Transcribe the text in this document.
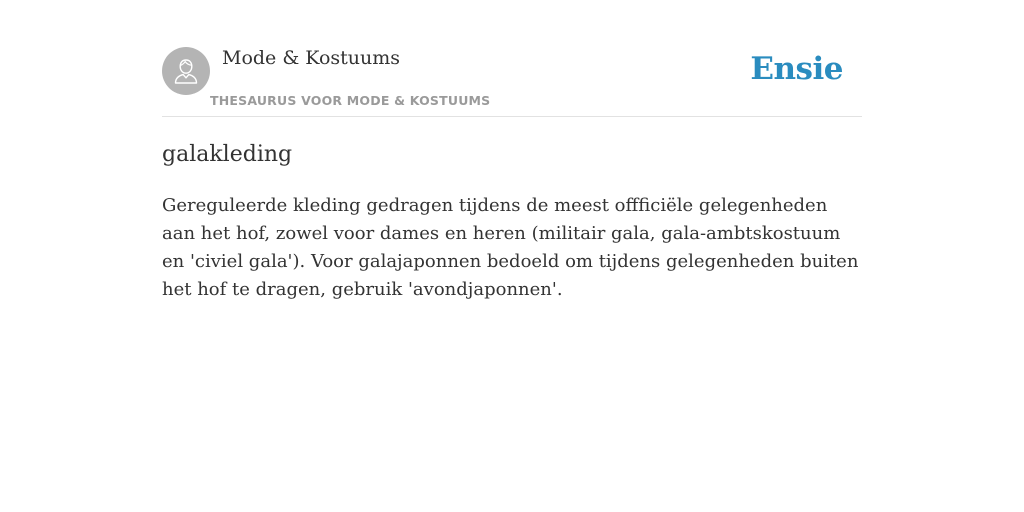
Mode & Kostuums
THESAURUS VOOR MODE & KOSTUUMS
Ensie
galakleding

Gereguleerde kleding gedragen tijdens de meest offficiële gelegenheden aan het hof, zowel voor dames en heren (militair gala, gala-ambtskostuum en 'civiel gala'). Voor galajaponnen bedoeld om tijdens gelegenheden buiten het hof te dragen, gebruik 'avondjaponnen'.
